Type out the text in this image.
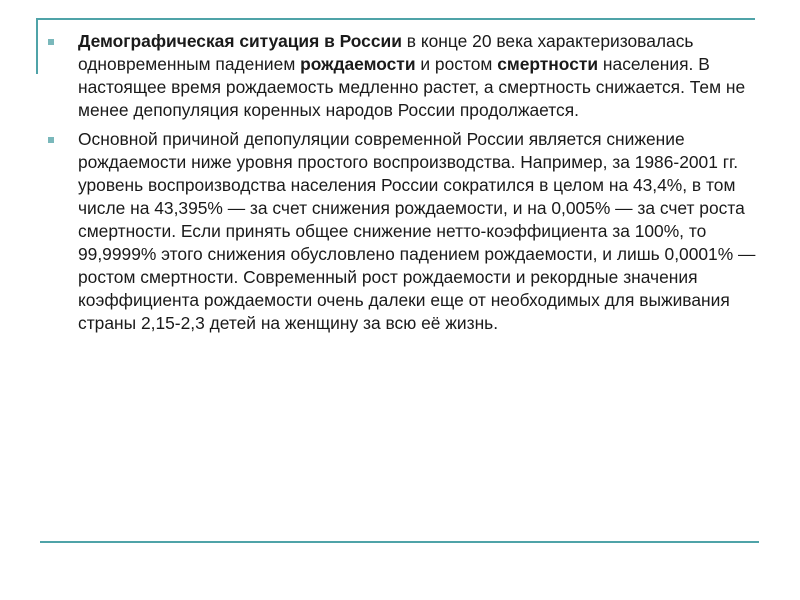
Демографическая ситуация в России в конце 20 века характеризовалась одновременным падением рождаемости и ростом смертности населения. В настоящее время рождаемость медленно растет, а смертность снижается. Тем не менее депопуляция коренных народов России продолжается.

Основной причиной депопуляции современной России является снижение рождаемости ниже уровня простого воспроизводства. Например, за 1986-2001 гг. уровень воспроизводства населения России сократился в целом на 43,4%, в том числе на 43,395% — за счет снижения рождаемости, и на 0,005% — за счет роста смертности. Если принять общее снижение нетто-коэффициента за 100%, то 99,9999% этого снижения обусловлено падением рождаемости, и лишь 0,0001% — ростом смертности. Современный рост рождаемости и рекордные значения коэффициента рождаемости очень далеки еще от необходимых для выживания страны 2,15-2,3 детей на женщину за всю её жизнь.
